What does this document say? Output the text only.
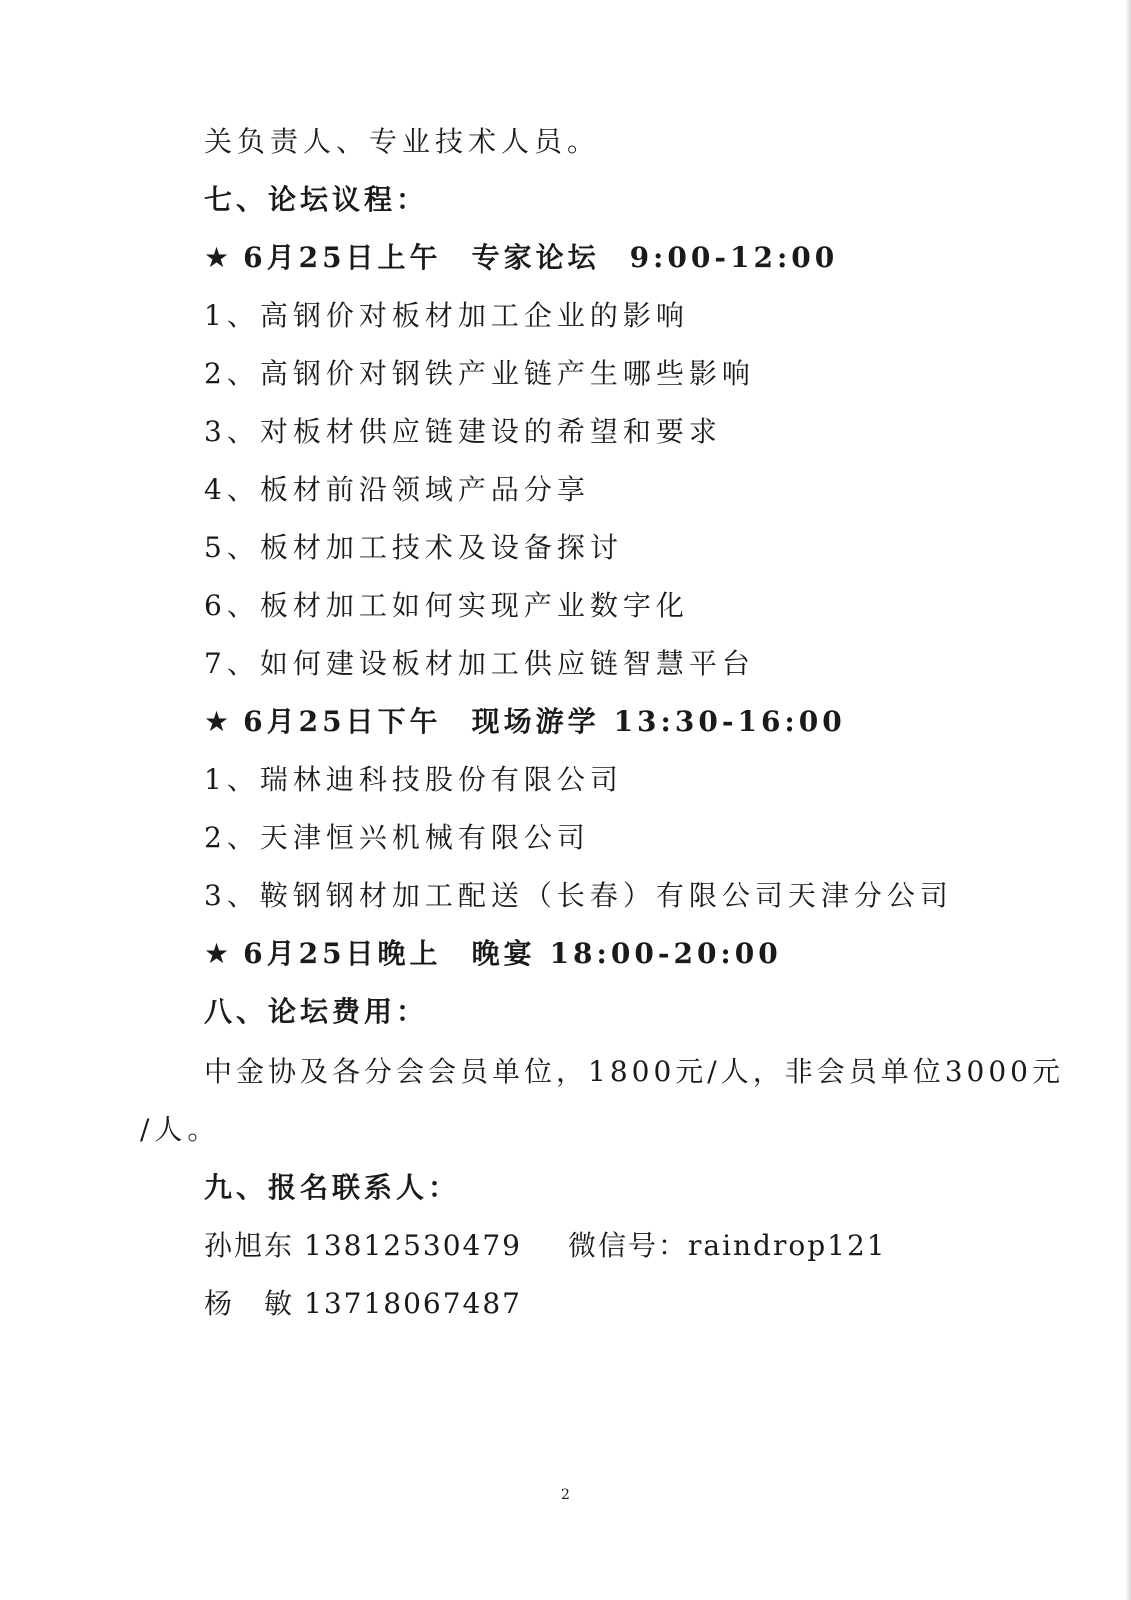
关负责人、专业技术人员。
七、论坛议程：
★ 6月25日上午 专家论坛 9:00-12:00
1、高钢价对板材加工企业的影响
2、高钢价对钢铁产业链产生哪些影响
3、对板材供应链建设的希望和要求
4、板材前沿领域产品分享
5、板材加工技术及设备探讨
6、板材加工如何实现产业数字化
7、如何建设板材加工供应链智慧平台
★ 6月25日下午 现场游学 13:30-16:00
1、瑞林迪科技股份有限公司
2、天津恒兴机械有限公司
3、鞍钢钢材加工配送（长春）有限公司天津分公司
★ 6月25日晚上 晚宴 18:00-20:00
八、论坛费用：
中金协及各分会会员单位，1800元/人，非会员单位3000元
/人。
九、报名联系人：
孙旭东 13812530479 微信号：raindrop121
杨　敏 13718067487
2
